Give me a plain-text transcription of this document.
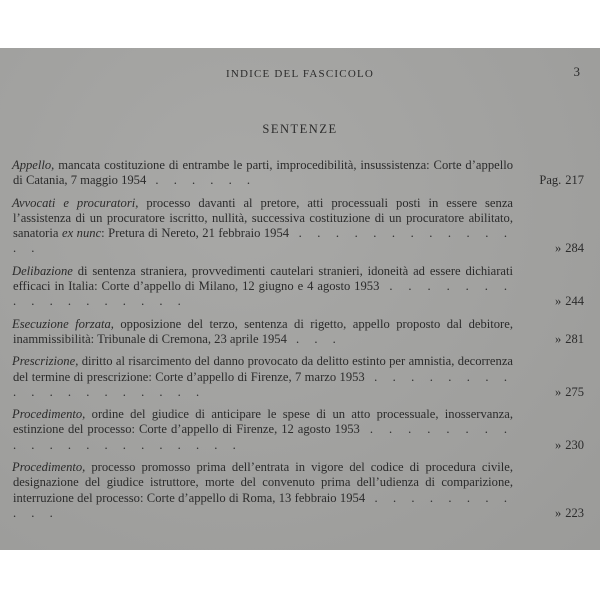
INDICE DEL FASCICOLO	3
SENTENZE
Appello, mancata costituzione di entrambe le parti, improcedibilità, insussistenza: Corte d’appello di Catania, 7 maggio 1954 . . . . . .	Pag. 217
Avvocati e procuratori, processo davanti al pretore, atti processuali posti in essere senza l’assistenza di un procuratore iscritto, nullità, successiva costituzione di un procuratore abilitato, sanatoria ex nunc: Pretura di Nereto, 21 febbraio 1954 . . . . . . . . . . . . . .	» 284
Delibazione di sentenza straniera, provvedimenti cautelari stranieri, idoneità ad essere dichiarati efficaci in Italia: Corte d’appello di Milano, 12 giugno e 4 agosto 1953 . . . . . . . . . . . . . . . . .	» 244
Esecuzione forzata, opposizione del terzo, sentenza di rigetto, appello proposto dal debitore, inammissibilità: Tribunale di Cremona, 23 aprile 1954 . . .	» 281
Prescrizione, diritto al risarcimento del danno provocato da delitto estinto per amnistia, decorrenza del termine di prescrizione: Corte d’appello di Firenze, 7 marzo 1953 . . . . . . . . . . . . . . . . . . .	» 275
Procedimento, ordine del giudice di anticipare le spese di un atto processuale, inosservanza, estinzione del processo: Corte d’appello di Firenze, 12 agosto 1953 . . . . . . . . . . . . . . . . . . . . .	» 230
Procedimento, processo promosso prima dell’entrata in vigore del codice di procedura civile, designazione del giudice istruttore, morte del convenuto prima dell’udienza di comparizione, interruzione del processo: Corte d’appello di Roma, 13 febbraio 1954 . . . . . . . . . . .	» 223
